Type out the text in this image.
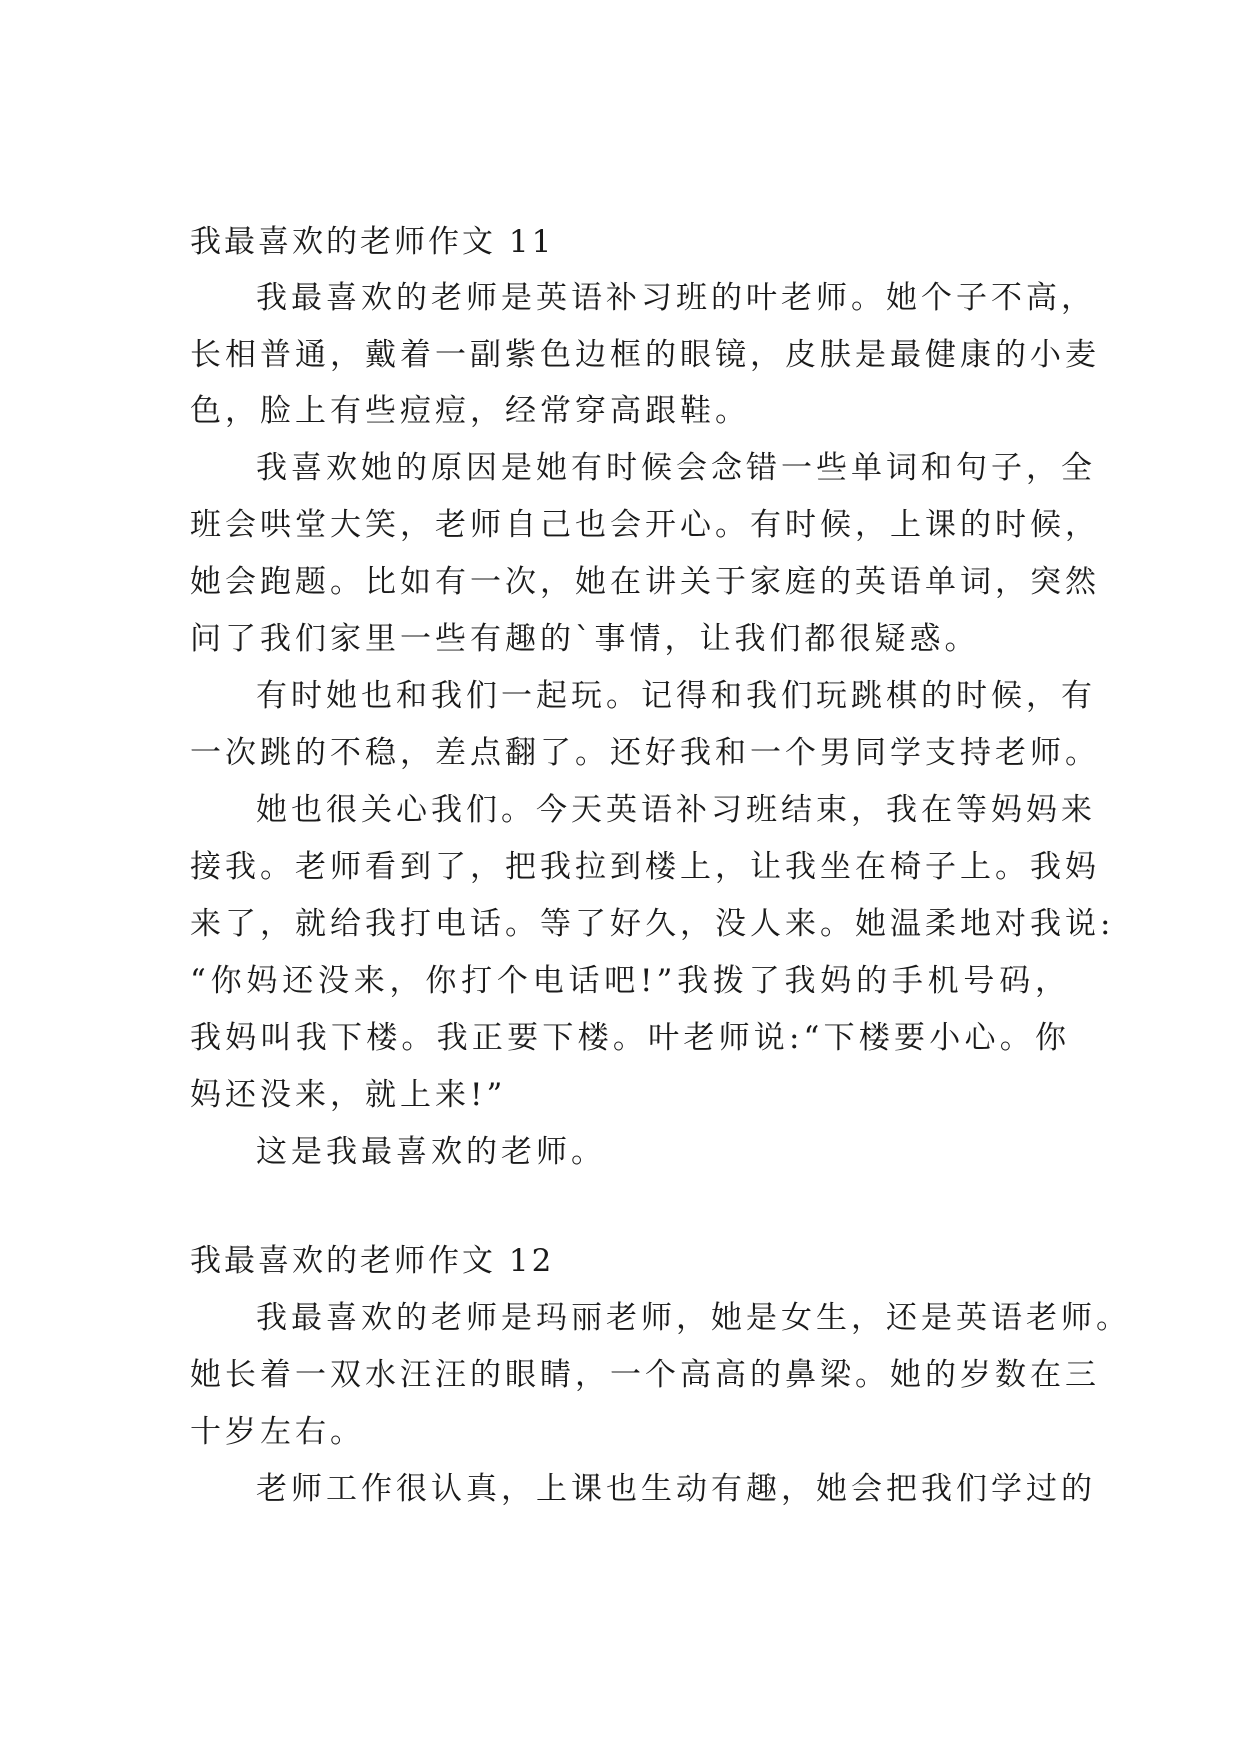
我最喜欢的老师作文 11
我最喜欢的老师是英语补习班的叶老师。她个子不高，
长相普通，戴着一副紫色边框的眼镜，皮肤是最健康的小麦
色，脸上有些痘痘，经常穿高跟鞋。
我喜欢她的原因是她有时候会念错一些单词和句子，全
班会哄堂大笑，老师自己也会开心。有时候，上课的时候，
她会跑题。比如有一次，她在讲关于家庭的英语单词，突然
问了我们家里一些有趣的`事情，让我们都很疑惑。
有时她也和我们一起玩。记得和我们玩跳棋的时候，有
一次跳的不稳，差点翻了。还好我和一个男同学支持老师。
她也很关心我们。今天英语补习班结束，我在等妈妈来
接我。老师看到了，把我拉到楼上，让我坐在椅子上。我妈
来了，就给我打电话。等了好久，没人来。她温柔地对我说:
“你妈还没来，你打个电话吧!”我拨了我妈的手机号码，
我妈叫我下楼。我正要下楼。叶老师说:“下楼要小心。你
妈还没来，就上来!”
这是我最喜欢的老师。
我最喜欢的老师作文 12
我最喜欢的老师是玛丽老师，她是女生，还是英语老师。
她长着一双水汪汪的眼睛，一个高高的鼻梁。她的岁数在三
十岁左右。
老师工作很认真，上课也生动有趣，她会把我们学过的
